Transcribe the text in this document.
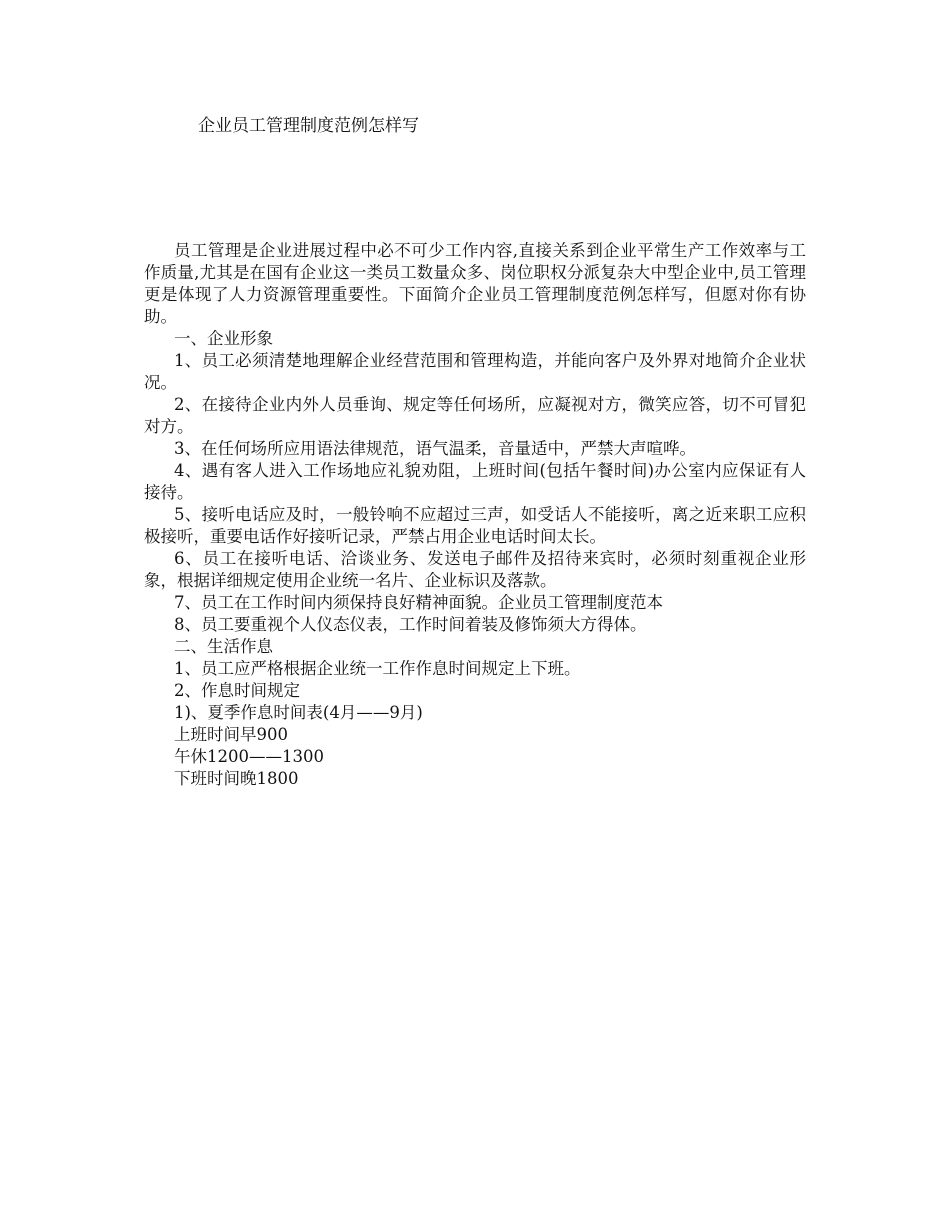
企业员工管理制度范例怎样写

员工管理是企业进展过程中必不可少工作内容,直接关系到企业平常生产工作效率与工作质量,尤其是在国有企业这一类员工数量众多、岗位职权分派复杂大中型企业中,员工管理更是体现了人力资源管理重要性。下面简介企业员工管理制度范例怎样写，但愿对你有协助。

一、企业形象

1、员工必须清楚地理解企业经营范围和管理构造，并能向客户及外界对地简介企业状况。

2、在接待企业内外人员垂询、规定等任何场所，应凝视对方，微笑应答，切不可冒犯对方。

3、在任何场所应用语法律规范，语气温柔，音量适中，严禁大声喧哗。

4、遇有客人进入工作场地应礼貌劝阻，上班时间(包括午餐时间)办公室内应保证有人接待。

5、接听电话应及时，一般铃响不应超过三声，如受话人不能接听，离之近来职工应积极接听，重要电话作好接听记录，严禁占用企业电话时间太长。

6、员工在接听电话、洽谈业务、发送电子邮件及招待来宾时，必须时刻重视企业形象，根据详细规定使用企业统一名片、企业标识及落款。

7、员工在工作时间内须保持良好精神面貌。企业员工管理制度范本

8、员工要重视个人仪态仪表，工作时间着装及修饰须大方得体。

二、生活作息

1、员工应严格根据企业统一工作作息时间规定上下班。

2、作息时间规定

1)、夏季作息时间表(4月——9月)

上班时间早900

午休1200——1300

下班时间晚1800
